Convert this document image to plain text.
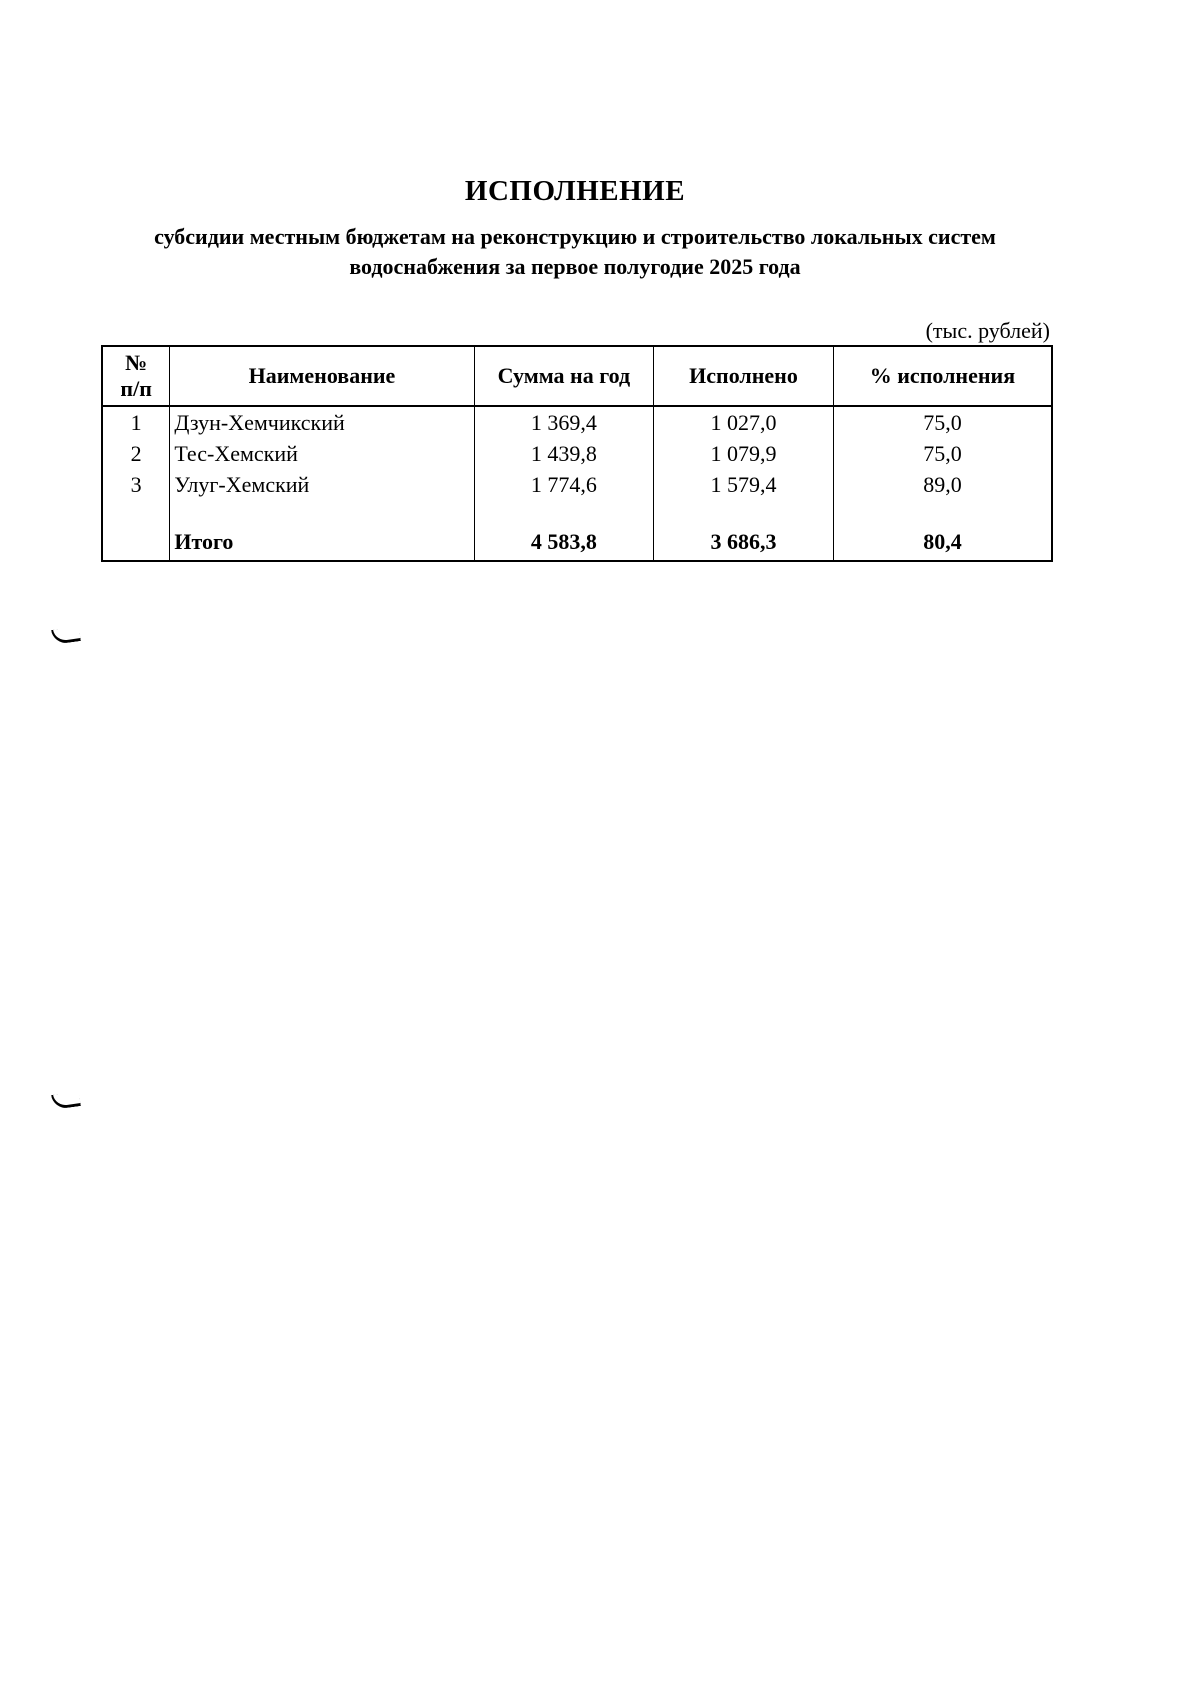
ИСПОЛНЕНИЕ
субсидии местным бюджетам на реконструкцию и строительство локальных систем
водоснабжения за первое полугодие 2025 года
(тыс. рублей)
№
п/п	Наименование	Сумма на год	Исполнено	% исполнения
1	Дзун-Хемчикский	1 369,4	1 027,0	75,0
2	Тес-Хемский	1 439,8	1 079,9	75,0
3	Улуг-Хемский	1 774,6	1 579,4	89,0

	Итого	4 583,8	3 686,3	80,4
